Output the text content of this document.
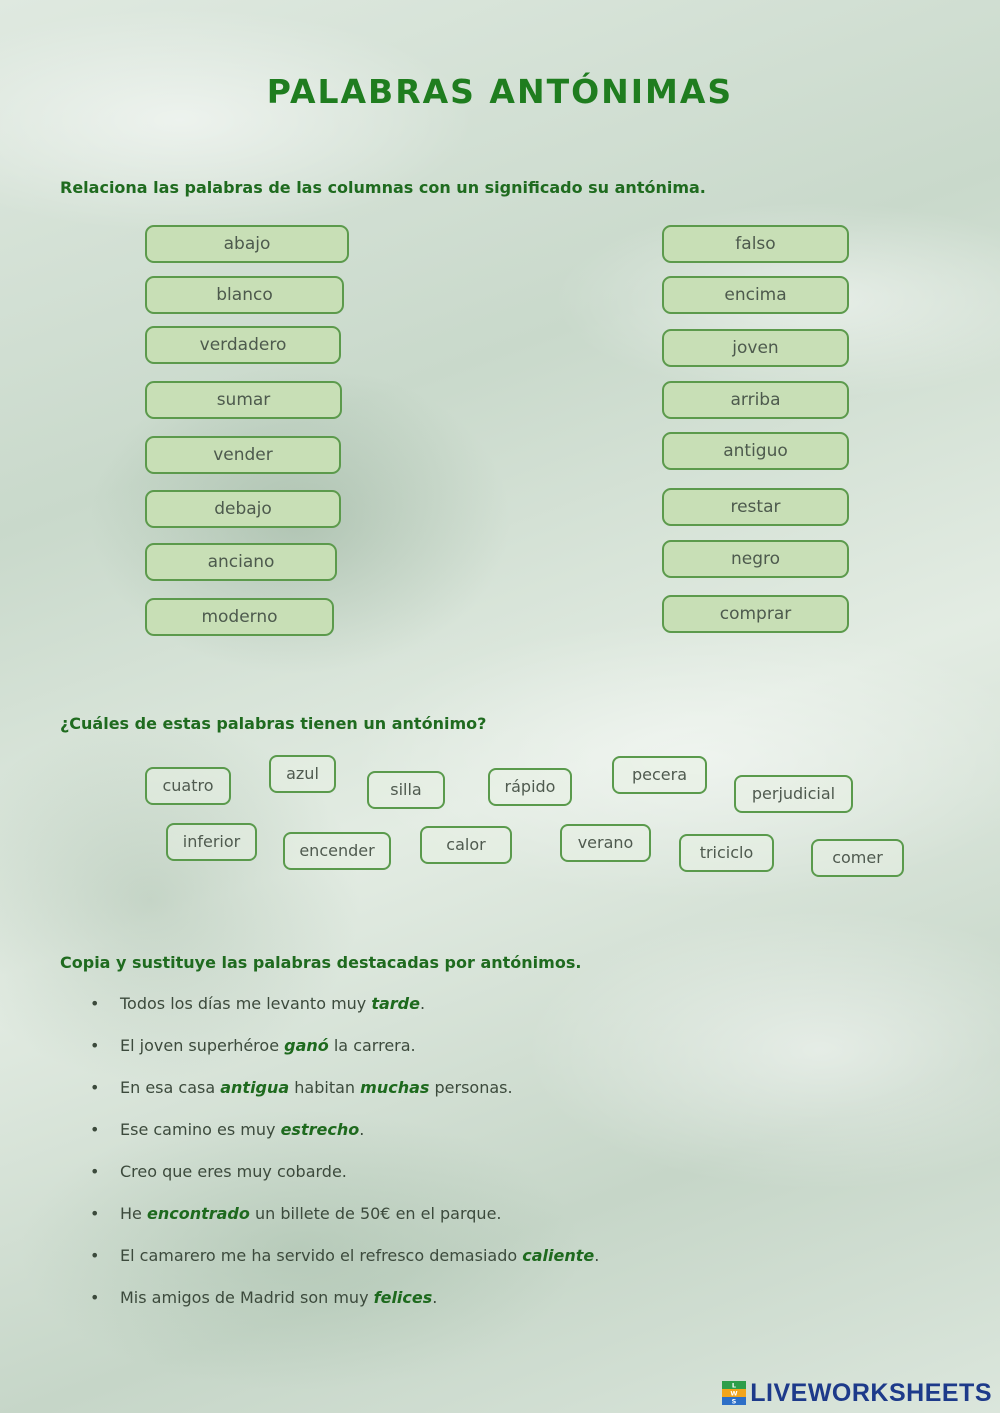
PALABRAS ANTÓNIMAS
Relaciona las palabras de las columnas con un significado su antónima.
abajo
blanco
verdadero
sumar
vender
debajo
anciano
moderno
falso
encima
joven
arriba
antiguo
restar
negro
comprar
¿Cuáles de estas palabras tienen un antónimo?
cuatro
azul
silla	rápido
pecera
perjudicial
inferior	encender	calor	verano
triciclo	comer
Copia y sustituye las palabras destacadas por antónimos.
•	Todos los días me levanto muy tarde.
•	El joven superhéroe ganó la carrera.
•	En esa casa antigua habitan muchas personas.
•	Ese camino es muy estrecho.
•	Creo que eres muy cobarde.
•	He encontrado un billete de 50€ en el parque.
•	El camarero me ha servido el refresco demasiado caliente.
•	Mis amigos de Madrid son muy felices.
L
W
S LIVEWORKSHEETS
